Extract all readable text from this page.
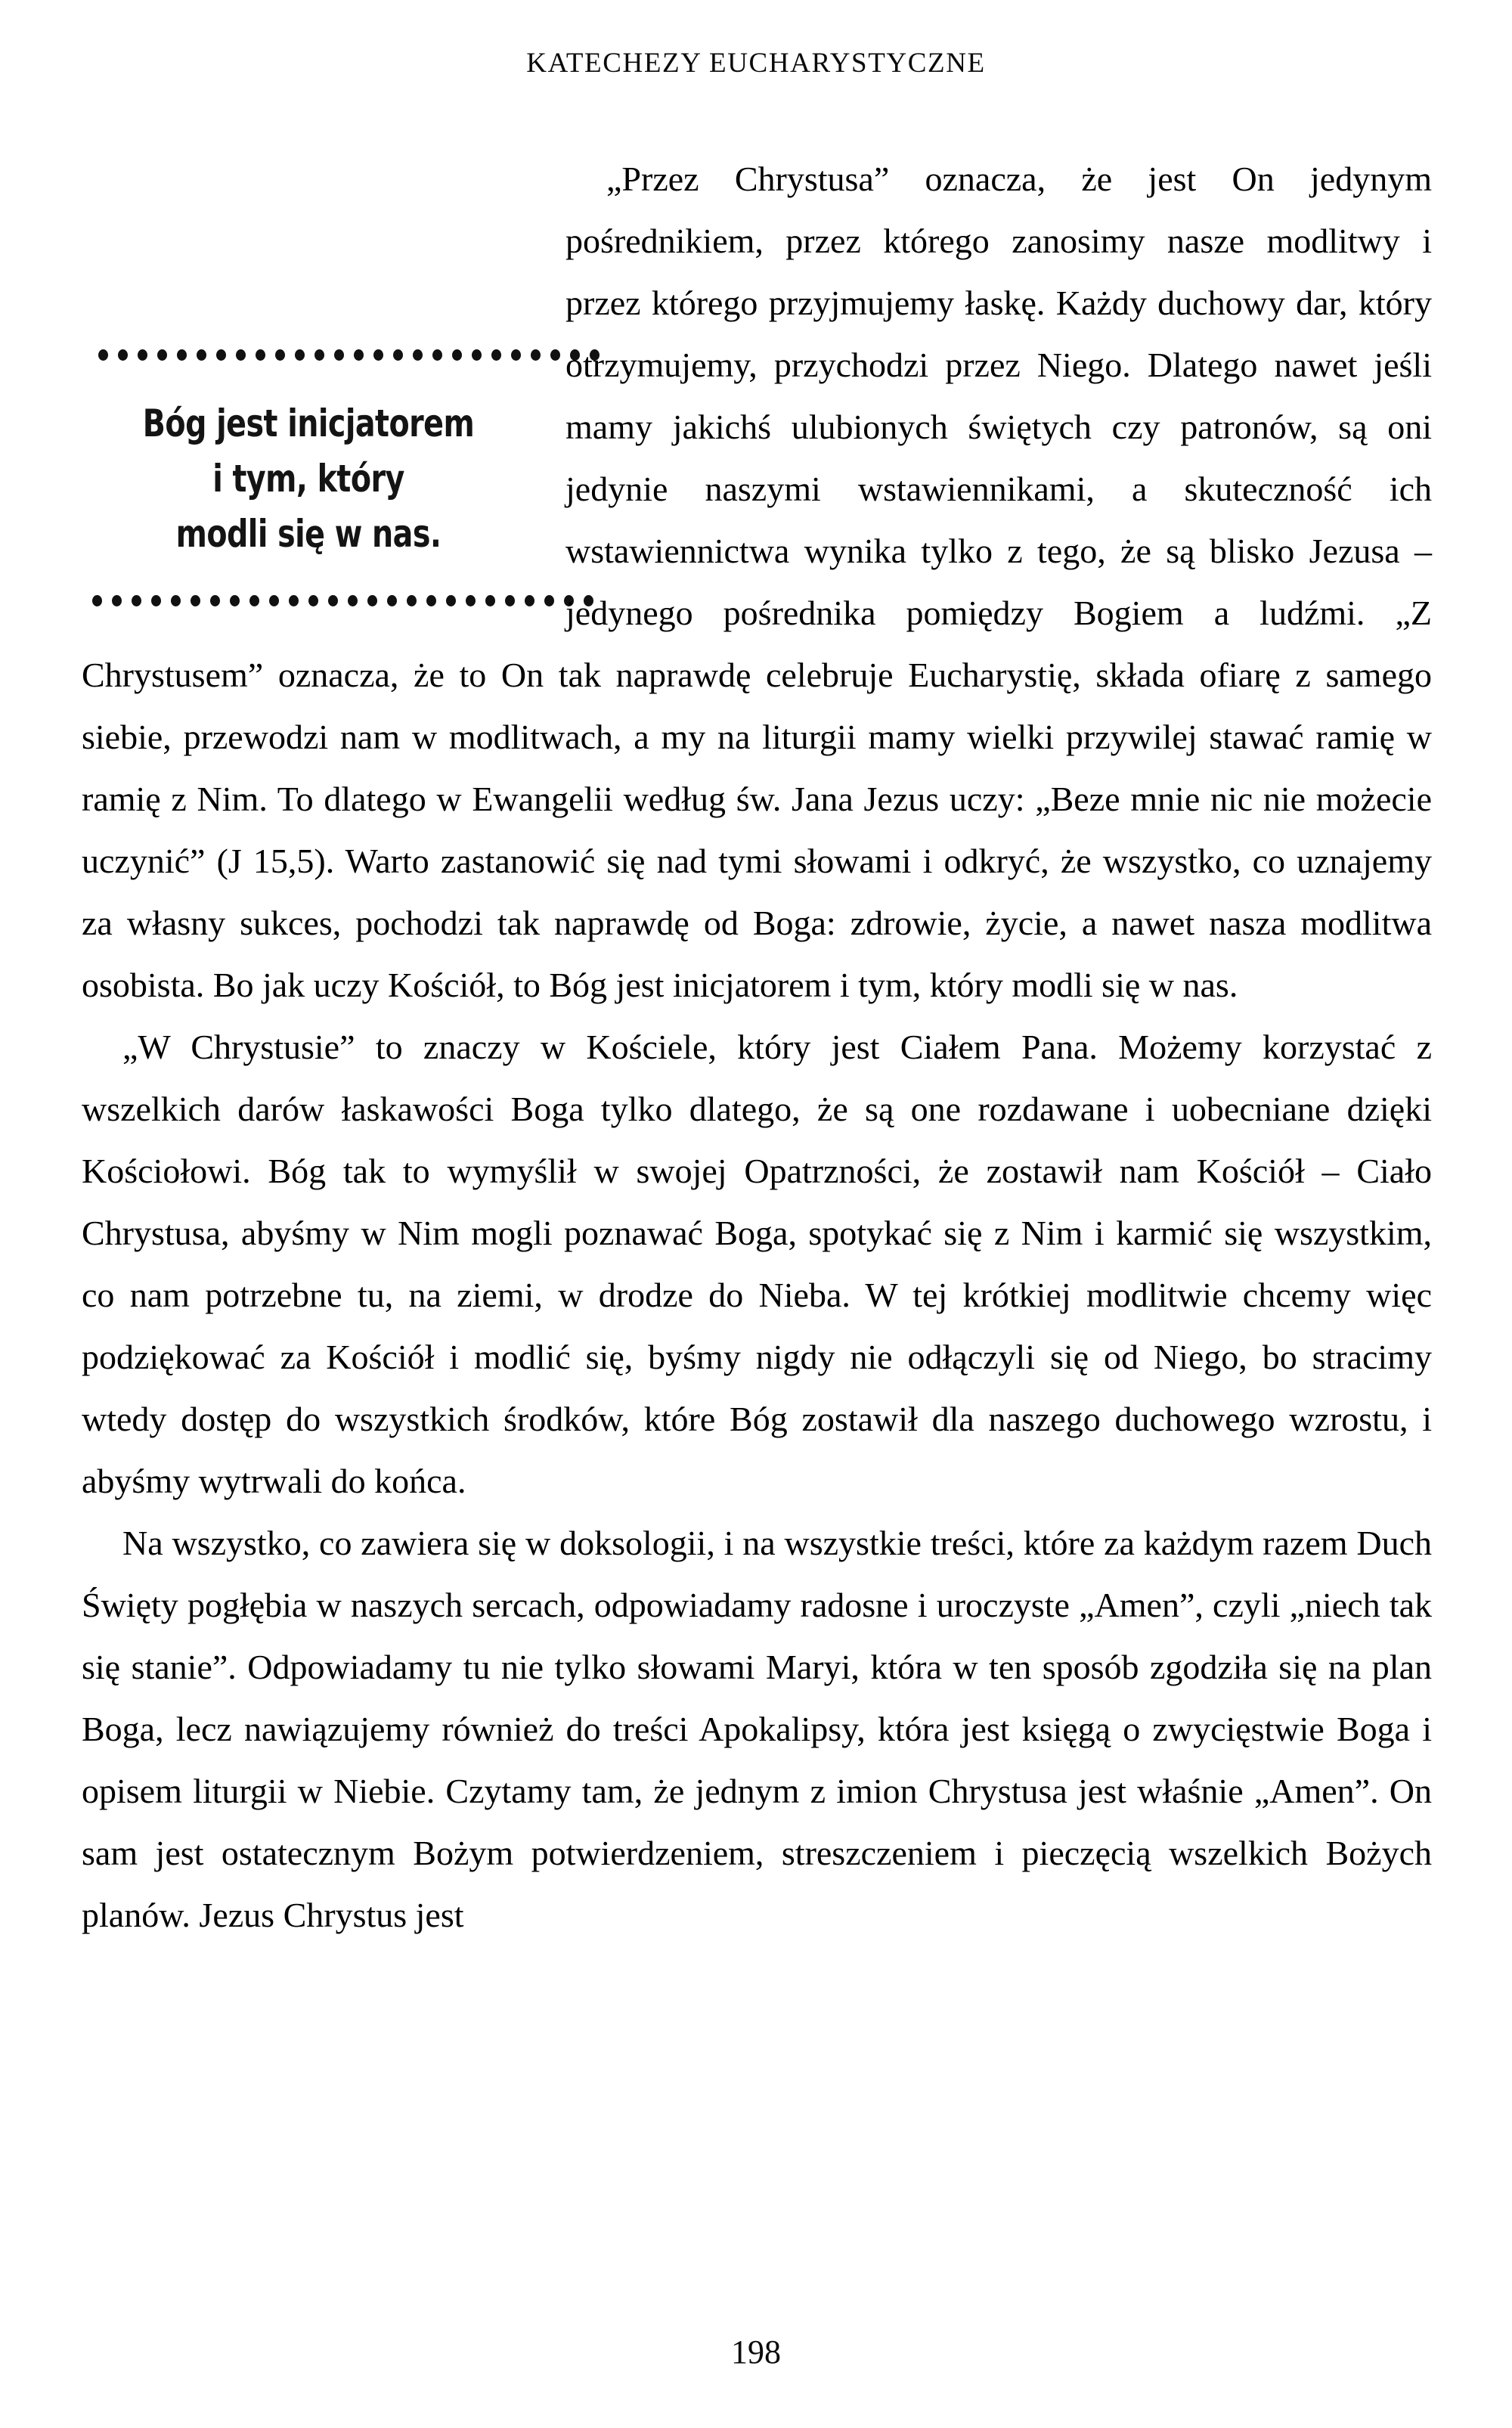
KATECHEZY EUCHARYSTYCZNE
Bóg jest inicjatorem
i tym, który
modli się w nas.

„Przez Chrystusa” oznacza, że jest On jedynym pośrednikiem, przez którego zanosimy nasze modlitwy i przez którego przyjmujemy łaskę. Każdy duchowy dar, który otrzymujemy, przychodzi przez Niego. Dlatego nawet jeśli mamy jakichś ulubionych świętych czy patronów, są oni jedynie naszymi wstawiennikami, a skuteczność ich wstawiennictwa wynika tylko z tego, że są blisko Jezusa – jedynego pośrednika pomiędzy Bogiem a ludźmi. „Z Chrystusem” oznacza, że to On tak naprawdę celebruje Eucharystię, składa ofiarę z samego siebie, przewodzi nam w modlitwach, a my na liturgii mamy wielki przywilej stawać ramię w ramię z Nim. To dlatego w Ewangelii według św. Jana Jezus uczy: „Beze mnie nic nie możecie uczynić” (J 15,5). Warto zastanowić się nad tymi słowami i odkryć, że wszystko, co uznajemy za własny sukces, pochodzi tak naprawdę od Boga: zdrowie, życie, a nawet nasza modlitwa osobista. Bo jak uczy Kościół, to Bóg jest inicjatorem i tym, który modli się w nas.

„W Chrystusie” to znaczy w Kościele, który jest Ciałem Pana. Możemy korzystać z wszelkich darów łaskawości Boga tylko dlatego, że są one rozdawane i uobecniane dzięki Kościołowi. Bóg tak to wymyślił w swojej Opatrzności, że zostawił nam Kościół – Ciało Chrystusa, abyśmy w Nim mogli poznawać Boga, spotykać się z Nim i karmić się wszystkim, co nam potrzebne tu, na ziemi, w drodze do Nieba. W tej krótkiej modlitwie chcemy więc podziękować za Kościół i modlić się, byśmy nigdy nie odłączyli się od Niego, bo stracimy wtedy dostęp do wszystkich środków, które Bóg zostawił dla naszego duchowego wzrostu, i abyśmy wytrwali do końca.

Na wszystko, co zawiera się w doksologii, i na wszystkie treści, które za każdym razem Duch Święty pogłębia w naszych sercach, odpowiadamy radosne i uroczyste „Amen”, czyli „niech tak się stanie”. Odpowiadamy tu nie tylko słowami Maryi, która w ten sposób zgodziła się na plan Boga, lecz nawiązujemy również do treści Apokalipsy, która jest księgą o zwycięstwie Boga i opisem liturgii w Niebie. Czytamy tam, że jednym z imion Chrystusa jest właśnie „Amen”. On sam jest ostatecznym Bożym potwierdzeniem, streszczeniem i pieczęcią wszelkich Bożych planów. Jezus Chrystus jest

198
